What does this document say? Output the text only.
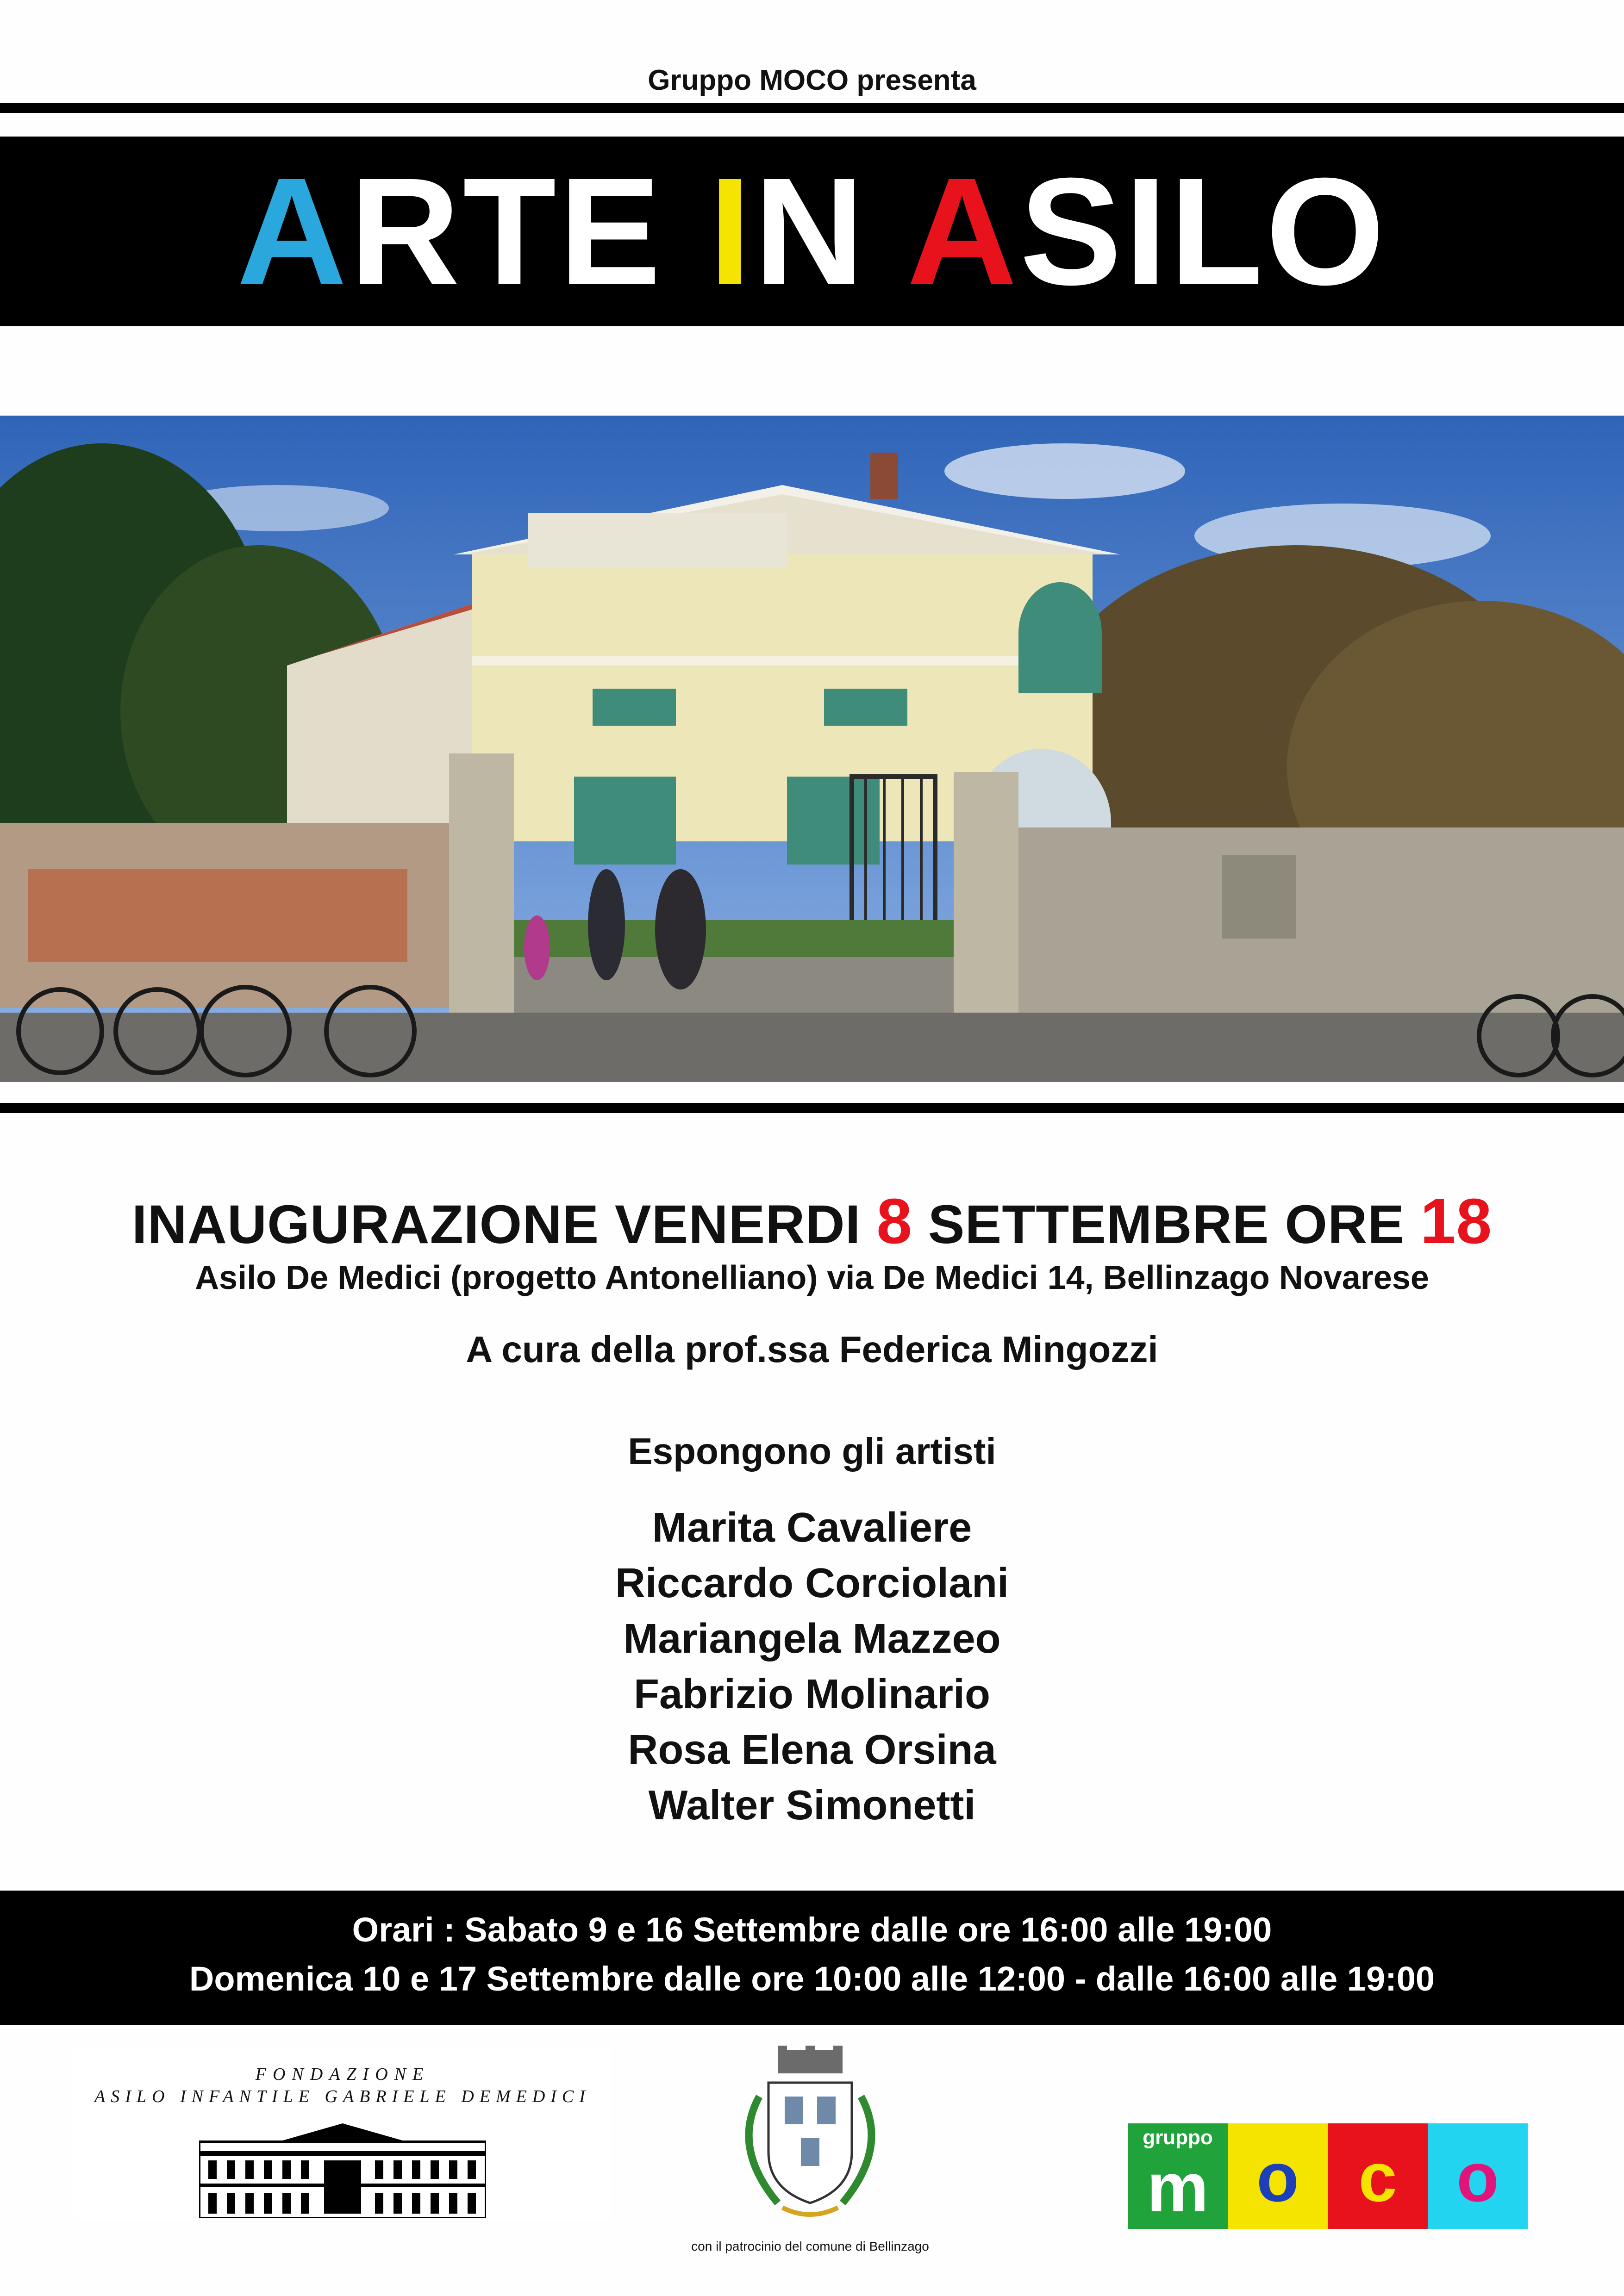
Gruppo MOCO presenta
ARTE IN ASILO
INAUGURAZIONE VENERDI 8 SETTEMBRE ORE 18
Asilo De Medici (progetto Antonelliano) via De Medici 14, Bellinzago Novarese
A cura della prof.ssa Federica Mingozzi
Espongono gli artisti
Marita Cavaliere
Riccardo Corciolani
Mariangela Mazzeo
Fabrizio Molinario
Rosa Elena Orsina
Walter Simonetti
Orari : Sabato 9 e 16 Settembre dalle ore 16:00 alle 19:00
Domenica 10 e 17 Settembre dalle ore 10:00 alle 12:00 - dalle 16:00 alle 19:00
FONDAZIONE
ASILO INFANTILE GABRIELE DEMEDICI
con il patrocinio del comune di Bellinzago
gruppo
m o c o
